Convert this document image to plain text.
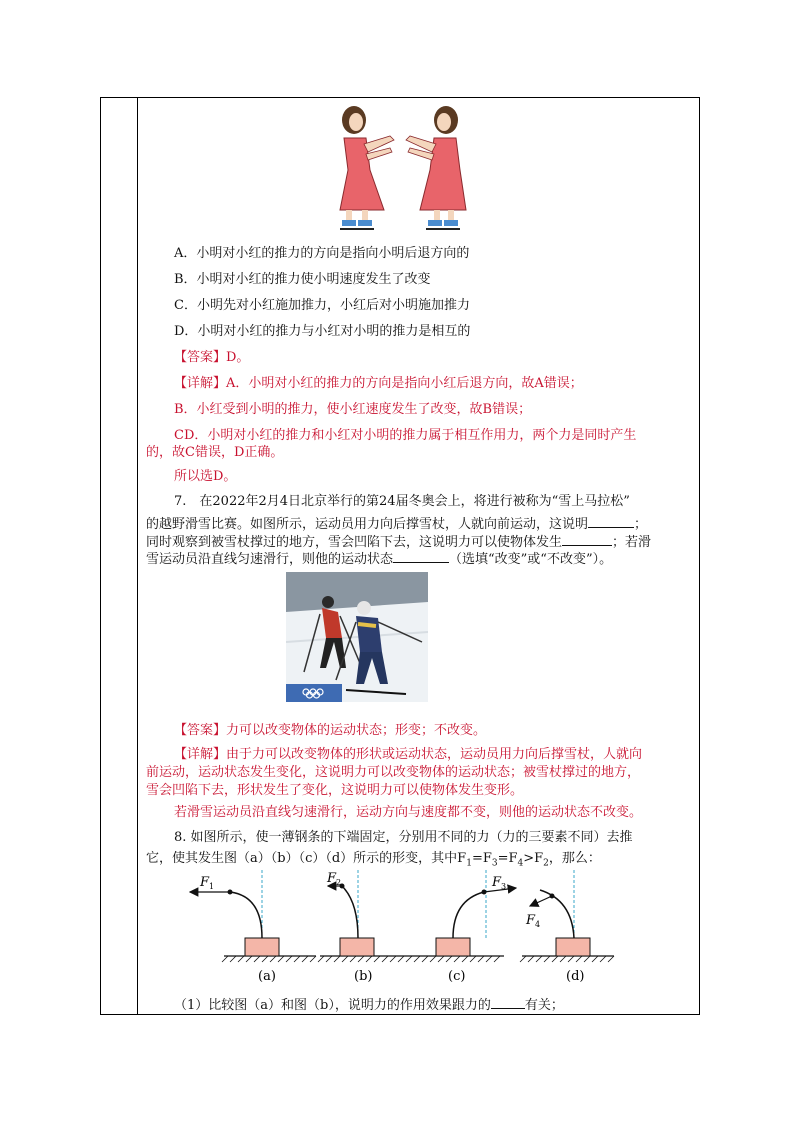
A．小明对小红的推力的方向是指向小明后退方向的
B．小明对小红的推力使小明速度发生了改变
C．小明先对小红施加推力，小红后对小明施加推力
D．小明对小红的推力与小红对小明的推力是相互的
【答案】D。
【详解】A．小明对小红的推力的方向是指向小红后退方向，故A错误；
B．小红受到小明的推力，使小红速度发生了改变，故B错误；
CD．小明对小红的推力和小红对小明的推力属于相互作用力，两个力是同时产生
的，故C错误，D正确。
所以选D。
7.　在2022年2月4日北京举行的第24届冬奥会上，将进行被称为“雪上马拉松”
的越野滑雪比赛。如图所示，运动员用力向后撑雪杖，人就向前运动，这说明	；
同时观察到被雪杖撑过的地方，雪会凹陷下去，这说明力可以使物体发生	；若滑
雪运动员沿直线匀速滑行，则他的运动状态	（选填“改变”或“不改变”）。
【答案】力可以改变物体的运动状态；形变；不改变。
【详解】由于力可以改变物体的形状或运动状态，运动员用力向后撑雪杖，人就向
前运动，运动状态发生变化，这说明力可以改变物体的运动状态；被雪杖撑过的地方，
雪会凹陷下去，形状发生了变化，这说明力可以使物体发生变形。
若滑雪运动员沿直线匀速滑行，运动方向与速度都不变，则他的运动状态不改变。
8. 如图所示，使一薄钢条的下端固定，分别用不同的力（力的三要素不同）去推
它，使其发生图（a）（b）（c）（d）所示的形变，其中$F_1=F_3=F_4>F_2$，那么：
F 1
(a)
F 2
(b)
F 3
(c)
F 4
(d)
（1）比较图（a）和图（b），说明力的作用效果跟力的	有关；
